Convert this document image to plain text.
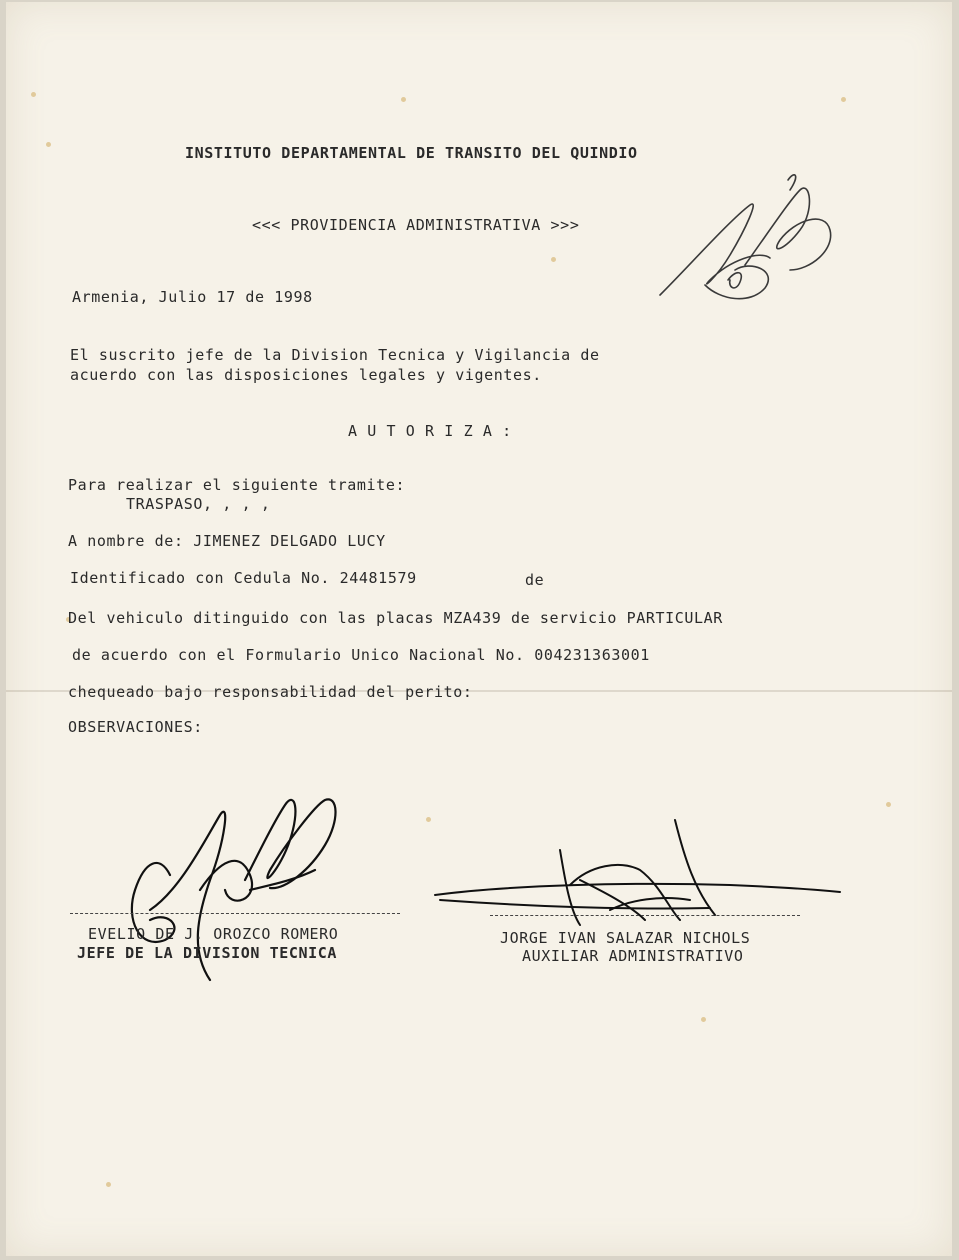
INSTITUTO DEPARTAMENTAL DE TRANSITO DEL QUINDIO
<<< PROVIDENCIA ADMINISTRATIVA >>>
Armenia, Julio 17 de 1998
El suscrito jefe de la Division Tecnica y Vigilancia de
acuerdo con las disposiciones legales y vigentes.
A U T O R I Z A :
Para realizar el siguiente tramite:
TRASPASO, , , ,
A nombre de: JIMENEZ DELGADO LUCY
Identificado con Cedula No. 24481579	de
Del vehiculo ditinguido con las placas MZA439 de servicio PARTICULAR
de acuerdo con el Formulario Unico Nacional No. 004231363001
chequeado bajo responsabilidad del perito:
OBSERVACIONES:
EVELIO DE J. OROZCO ROMERO
JEFE DE LA DIVISION TECNICA
JORGE IVAN SALAZAR NICHOLS
AUXILIAR ADMINISTRATIVO
